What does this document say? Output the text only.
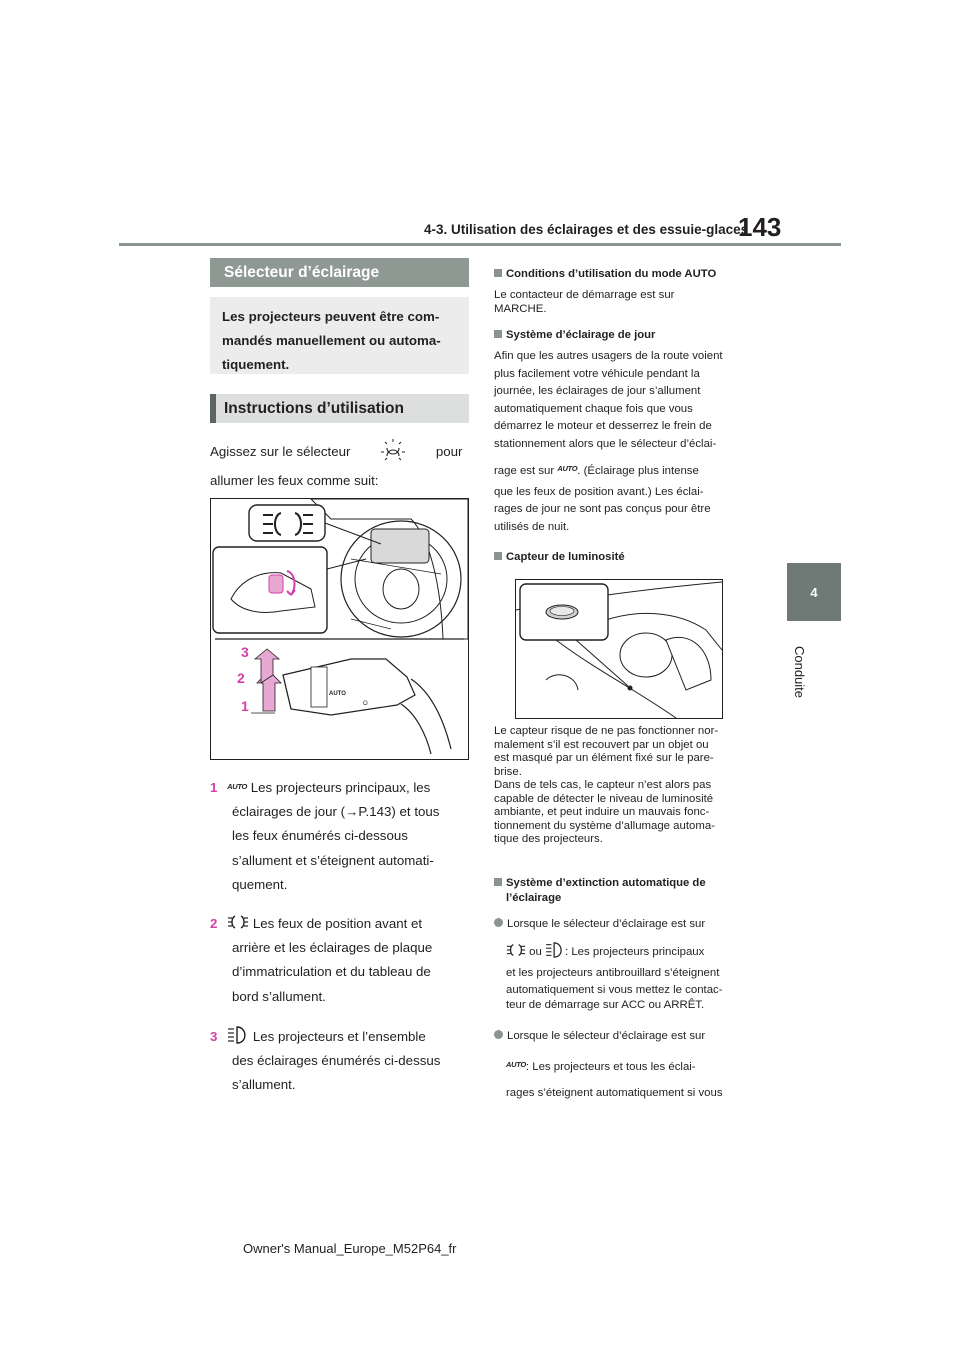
4-3. Utilisation des éclairages et des essuie-glaces
143
4
Conduite
Sélecteur d’éclairage
Les projecteurs peuvent être com-
mandés manuellement ou automa-
tiquement.
Instructions d’utilisation
Agissez sur le sélecteur	pour
allumer les feux comme suit:
AUTO
O
3
2
1
1 AUTO Les projecteurs principaux, les
éclairages de jour (→P.143) et tous
les feux énumérés ci-dessous
s’allument et s’éteignent automati-
quement.
2	Les feux de position avant et
arrière et les éclairages de plaque
d’immatriculation et du tableau de
bord s’allument.
3	Les projecteurs et l’ensemble
des éclairages énumérés ci-dessus
s’allument.
Conditions d’utilisation du mode AUTO
Le contacteur de démarrage est sur
MARCHE.
Système d’éclairage de jour
Afin que les autres usagers de la route voient
plus facilement votre véhicule pendant la
journée, les éclairages de jour s’allument
automatiquement chaque fois que vous
démarrez le moteur et desserrez le frein de
stationnement alors que le sélecteur d’éclai-
rage est sur AUTO. (Éclairage plus intense
que les feux de position avant.) Les éclai-
rages de jour ne sont pas conçus pour être
utilisés de nuit.
Capteur de luminosité
Le capteur risque de ne pas fonctionner nor-
malement s’il est recouvert par un objet ou
est masqué par un élément fixé sur le pare-
brise.
Dans de tels cas, le capteur n’est alors pas
capable de détecter le niveau de luminosité
ambiante, et peut induire un mauvais fonc-
tionnement du système d’allumage automa-
tique des projecteurs.
Système d’extinction automatique de
l’éclairage
Lorsque le sélecteur d’éclairage est sur
ou : Les projecteurs principaux
et les projecteurs antibrouillard s’éteignent
automatiquement si vous mettez le contac-
teur de démarrage sur ACC ou ARRÊT.
Lorsque le sélecteur d’éclairage est sur
AUTO: Les projecteurs et tous les éclai-
rages s’éteignent automatiquement si vous
Owner's Manual_Europe_M52P64_fr
